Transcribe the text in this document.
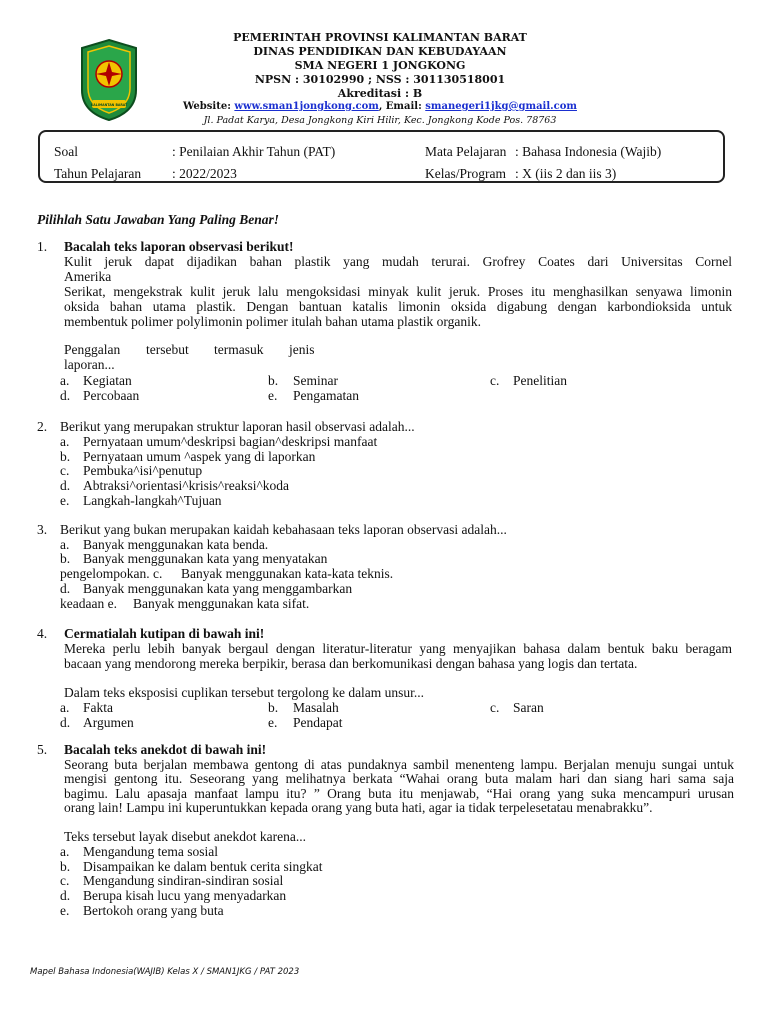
KALIMANTAN BARAT
PEMERINTAH PROVINSI KALIMANTAN BARAT
DINAS PENDIDIKAN DAN KEBUDAYAAN
SMA NEGERI 1 JONGKONG
NPSN : 30102990 ; NSS : 301130518001
Akreditasi : B
Website: www.sman1jongkong.com, Email: smanegeri1jkg@gmail.com
Jl. Padat Karya, Desa Jongkong Kiri Hilir, Kec. Jongkong Kode Pos. 78763
Soal	: Penilaian Akhir Tahun (PAT)	Mata Pelajaran : Bahasa Indonesia (Wajib)
Tahun Pelajaran : 2022/2023	Kelas/Program : X (iis 2 dan iis 3)
Pilihlah Satu Jawaban Yang Paling Benar!
1. Bacalah teks laporan observasi berikut!
Kulit jeruk dapat dijadikan bahan plastik yang mudah terurai. Grofrey Coates dari Universitas Cornel
Amerika
Serikat, mengekstrak kulit jeruk lalu mengoksidasi minyak kulit jeruk. Proses itu menghasilkan senyawa limonin
oksida bahan utama plastik. Dengan bantuan katalis limonin oksida digabung dengan karbondioksida untuk
membentuk polimer polylimonin polimer itulah bahan utama plastik organik.
Penggalan tersebut termasuk jenis
laporan...
a. Kegiatan	b. Seminar	c. Penelitian
d. Percobaan	e. Pengamatan
2. Berikut yang merupakan struktur laporan hasil observasi adalah...
a. Pernyataan umum^deskripsi bagian^deskripsi manfaat
b. Pernyataan umum ^aspek yang di laporkan
c. Pembuka^isi^penutup
d. Abtraksi^orientasi^krisis^reaksi^koda
e. Langkah-langkah^Tujuan
3. Berikut yang bukan merupakan kaidah kebahasaan teks laporan observasi adalah...
a. Banyak menggunakan kata benda.
b. Banyak menggunakan kata yang menyatakan
pengelompokan. c. Banyak menggunakan kata-kata teknis.
d. Banyak menggunakan kata yang menggambarkan
keadaan e. Banyak menggunakan kata sifat.
4. Cermatialah kutipan di bawah ini!
Mereka perlu lebih banyak bergaul dengan literatur-literatur yang menyajikan bahasa dalam bentuk baku beragam
bacaan yang mendorong mereka berpikir, berasa dan berkomunikasi dengan bahasa yang logis dan tertata.
Dalam teks eksposisi cuplikan tersebut tergolong ke dalam unsur...
a. Fakta	b. Masalah	c. Saran
d. Argumen	e. Pendapat
5. Bacalah teks anekdot di bawah ini!
Seorang buta berjalan membawa gentong di atas pundaknya sambil menenteng lampu. Berjalan menuju sungai untuk
mengisi gentong itu. Seseorang yang melihatnya berkata “Wahai orang buta malam hari dan siang hari sama saja
bagimu. Lalu apasaja manfaat lampu itu? ” Orang buta itu menjawab, “Hai orang yang suka mencampuri urusan
orang lain! Lampu ini kuperuntukkan kepada orang yang buta hati, agar ia tidak terpelesetatau menabrakku”.
Teks tersebut layak disebut anekdot karena...
a. Mengandung tema sosial
b. Disampaikan ke dalam bentuk cerita singkat
c. Mengandung sindiran-sindiran sosial
d. Berupa kisah lucu yang menyadarkan
e. Bertokoh orang yang buta
Mapel Bahasa Indonesia(WAJIB) Kelas X / SMAN1JKG / PAT 2023
